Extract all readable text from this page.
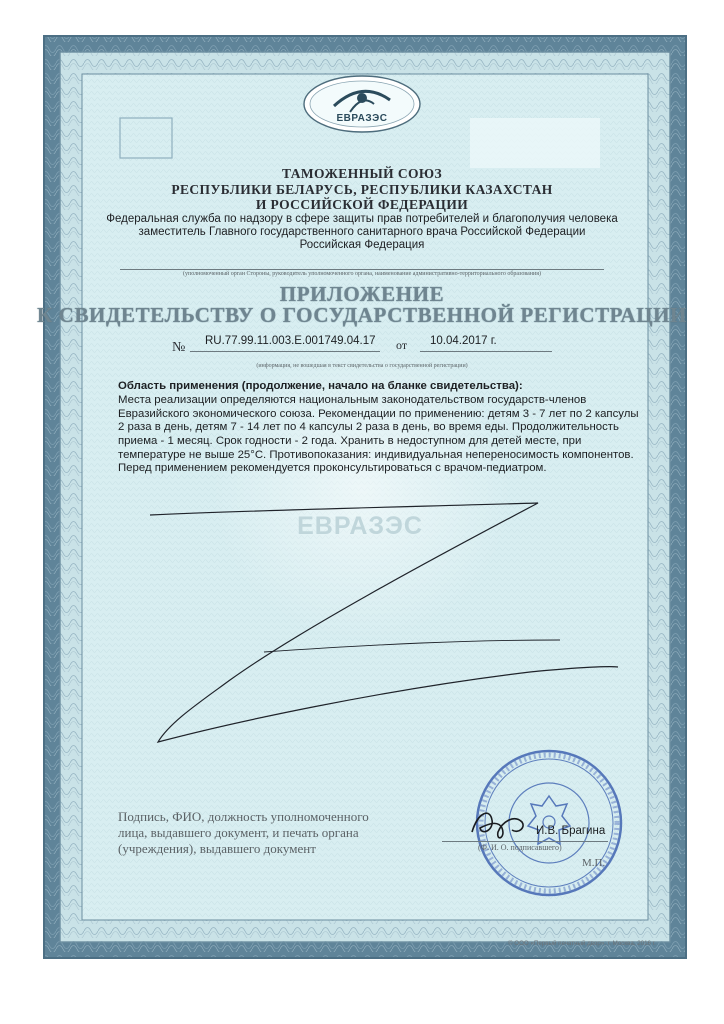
ЕВРАЗЭС
ЕВРАЗЭС
ТАМОЖЕННЫЙ СОЮЗ
РЕСПУБЛИКИ БЕЛАРУСЬ, РЕСПУБЛИКИ КАЗАХСТАН
И РОССИЙСКОЙ ФЕДЕРАЦИИ
Федеральная служба по надзору в сфере защиты прав потребителей и благополучия человека
заместитель Главного государственного санитарного врача Российской Федерации
Российская Федерация
(уполномоченный орган Стороны, руководитель уполномоченного органа, наименование административно-территориального образования)
ПРИЛОЖЕНИЕ
К СВИДЕТЕЛЬСТВУ О ГОСУДАРСТВЕННОЙ РЕГИСТРАЦИИ
№ RU.77.99.11.003.Е.001749.04.17 от 10.04.2017 г.
(информация, не вошедшая в текст свидетельства о государственной регистрации)
Область применения (продолжение, начало на бланке свидетельства):
Места реализации определяются национальным законодательством государств-членов
Евразийского экономического союза. Рекомендации по применению: детям 3 - 7 лет по 2 капсулы
2 раза в день, детям 7 - 14 лет по 4 капсулы 2 раза в день, во время еды. Продолжительность
приема - 1 месяц. Срок годности - 2 года. Хранить в недоступном для детей месте, при
температуре не выше 25°С. Противопоказания: индивидуальная непереносимость компонентов.
Перед применением рекомендуется проконсультироваться с врачом-педиатром.
Подпись, ФИО, должность уполномоченного
лица, выдавшего документ, и печать органа
(учреждения), выдавшего документ
И.В. Брагина
(Ф. И. О. подписавшего)
М.П.
© ООО «Первый печатный двор», г. Москва, 2016 г.
